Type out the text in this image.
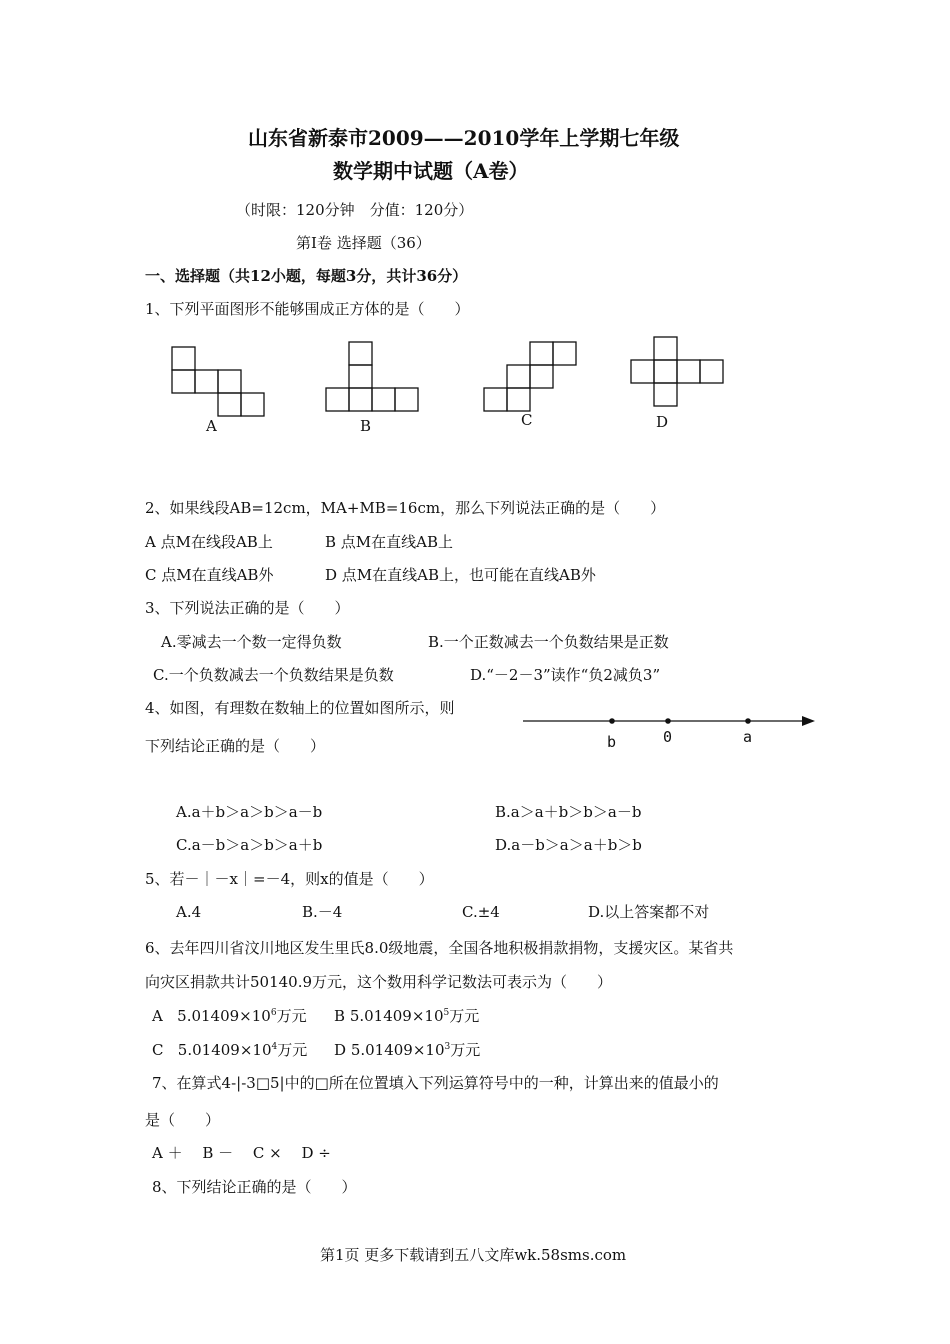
山东省新泰市2009——2010学年上学期七年级
数学期中试题（A卷）
（时限：120分钟　分值：120分）
第Ⅰ卷 选择题（36）
一、选择题（共12小题，每题3分，共计36分）
1、下列平面图形不能够围成正方体的是（　　）
A	B	C	D
2、如果线段AB=12cm，MA+MB=16cm，那么下列说法正确的是（　　）
A 点M在线段AB上	B 点M在直线AB上
C 点M在直线AB外	D 点M在直线AB上，也可能在直线AB外
3、下列说法正确的是（　　）
A.零减去一个数一定得负数	B.一个正数减去一个负数结果是正数
C.一个负数减去一个负数结果是负数	D.“－2－3”读作“负2减负3”
4、如图，有理数在数轴上的位置如图所示，则
下列结论正确的是（　　）	b	0	a
A.a＋b＞a＞b＞a－b	B.a＞a＋b＞b＞a－b
C.a－b＞a＞b＞a＋b	D.a－b＞a＞a＋b＞b
5、若－｜－x｜=－4，则x的值是（　　）
A.4	B.－4	C.±4	D.以上答案都不对
6、去年四川省汶川地区发生里氏8.0级地震，全国各地积极捐款捐物，支援灾区。某省共
向灾区捐款共计50140.9万元，这个数用科学记数法可表示为（　　）
A $5.01409\times 10^6$万元 B $5.01409\times 10^5$万元
C $5.01409\times 10^4$万元 D $5.01409\times 10^3$万元
7、在算式4-|-3□5|中的□所在位置填入下列运算符号中的一种，计算出来的值最小的
是（　　）
A ＋　 B －　 C ×　 D ÷
8、下列结论正确的是（　　）
第1页 更多下载请到五八文库wk.58sms.com
